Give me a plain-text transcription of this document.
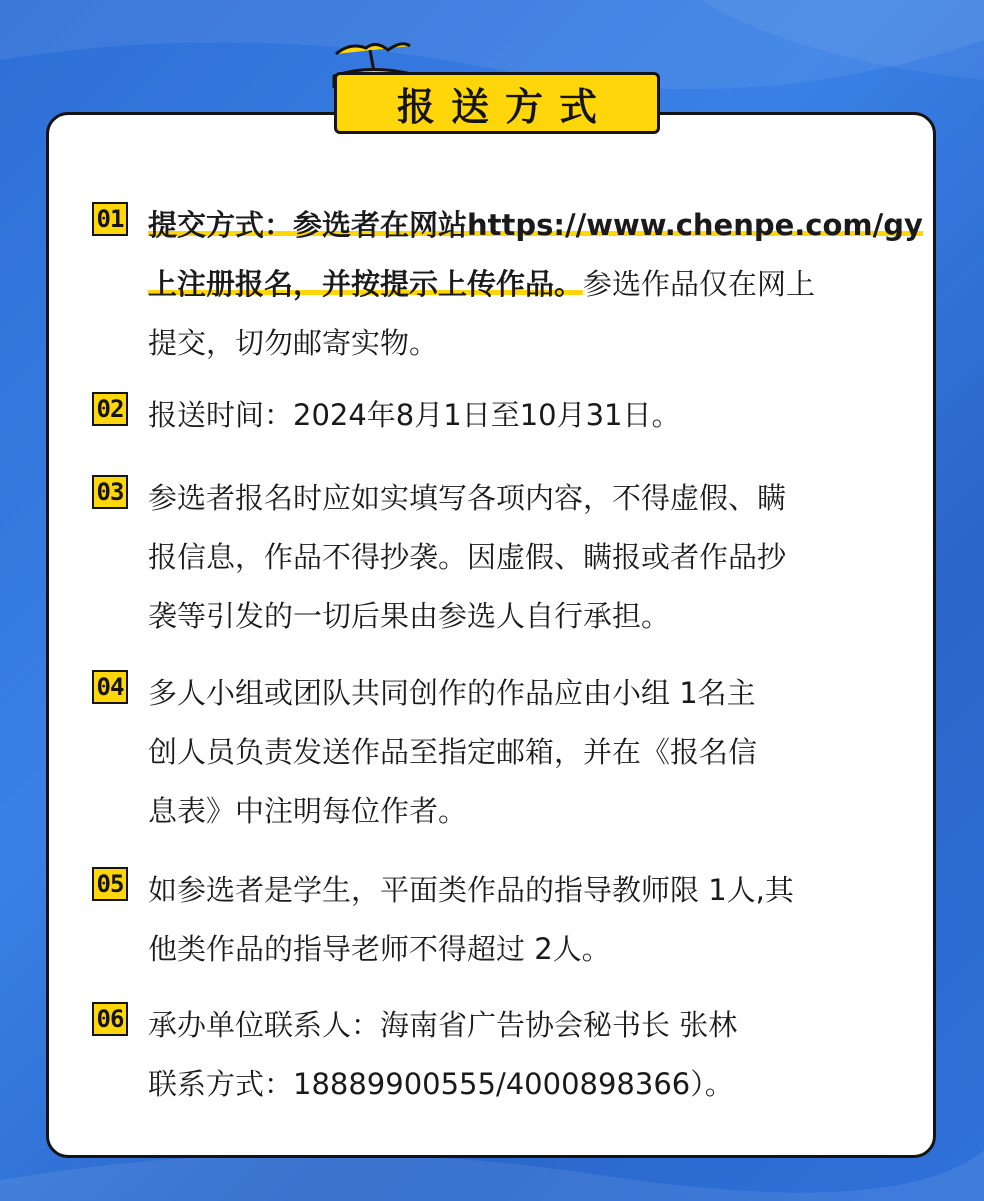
报送方式
01 提交方式：参选者在网站https://www.chenpe.com/gy
上注册报名，并按提示上传作品。参选作品仅在网上
提交，切勿邮寄实物。
02 报送时间：2024年8月1日至10月31日。
03 参选者报名时应如实填写各项内容，不得虚假、瞒
报信息，作品不得抄袭。因虚假、瞒报或者作品抄
袭等引发的一切后果由参选人自行承担。
04 多人小组或团队共同创作的作品应由小组 1名主
创人员负责发送作品至指定邮箱，并在《报名信
息表》中注明每位作者。
05 如参选者是学生，平面类作品的指导教师限 1人,其
他类作品的指导老师不得超过 2人。
06 承办单位联系人：海南省广告协会秘书长 张林
联系方式：18889900555/4000898366）。
